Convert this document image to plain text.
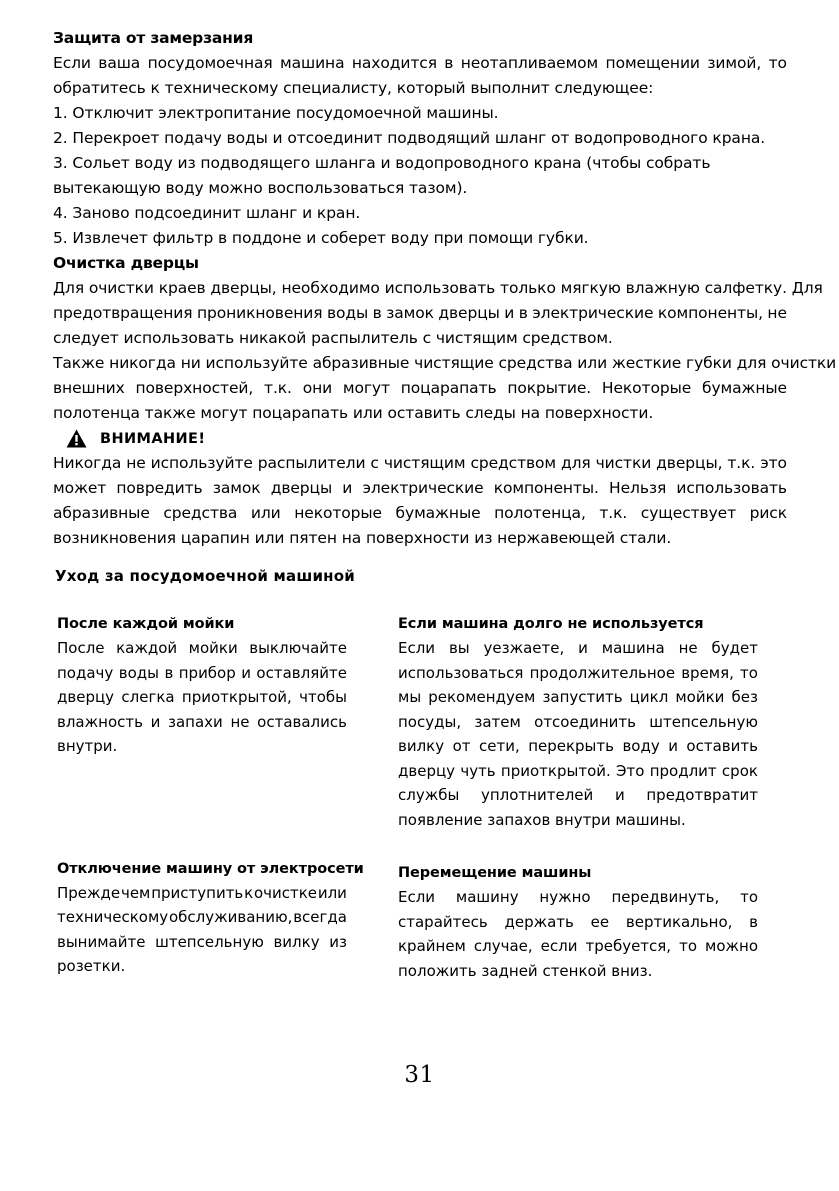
Защита от замерзания
Если ваша посудомоечная машина находится в неотапливаемом помещении зимой, то
обратитесь к техническому специалисту, который выполнит следующее:
1. Отключит электропитание посудомоечной машины.
2. Перекроет подачу воды и отсоединит подводящий шланг от водопроводного крана.
3. Сольет воду из подводящего шланга и водопроводного крана (чтобы собрать
вытекающую воду можно воспользоваться тазом).
4. Заново подсоединит шланг и кран.
5. Извлечет фильтр в поддоне и соберет воду при помощи губки.
Очистка дверцы
Для очистки краев дверцы, необходимо использовать только мягкую влажную салфетку. Для
предотвращения проникновения воды в замок дверцы и в электрические компоненты, не
следует использовать никакой распылитель с чистящим средством.
Также никогда ни используйте абразивные чистящие средства или жесткие губки для очистки
внешних поверхностей, т.к. они могут поцарапать покрытие. Некоторые бумажные
полотенца также могут поцарапать или оставить следы на поверхности.
ВНИМАНИЕ!
Никогда не используйте распылители с чистящим средством для чистки дверцы, т.к. это
может повредить замок дверцы и электрические компоненты. Нельзя использовать
абразивные средства или некоторые бумажные полотенца, т.к. существует риск
возникновения царапин или пятен на поверхности из нержавеющей стали.
Уход за посудомоечной машиной
После каждой мойки
После каждой мойки выключайте
подачу воды в прибор и оставляйте
дверцу слегка приоткрытой, чтобы
влажность и запахи не оставались
внутри.
Отключение машину от электросети
Прежде чем приступить к очистке или
техническому обслуживанию, всегда
вынимайте штепсельную вилку из
розетки.
Если машина долго не используется
Если вы уезжаете, и машина не будет
использоваться продолжительное время, то
мы рекомендуем запустить цикл мойки без
посуды, затем отсоединить штепсельную
вилку от сети, перекрыть воду и оставить
дверцу чуть приоткрытой. Это продлит срок
службы уплотнителей и предотвратит
появление запахов внутри машины.
Перемещение машины
Если машину нужно передвинуть, то
старайтесь держать ее вертикально, в
крайнем случае, если требуется, то можно
положить задней стенкой вниз.
31
